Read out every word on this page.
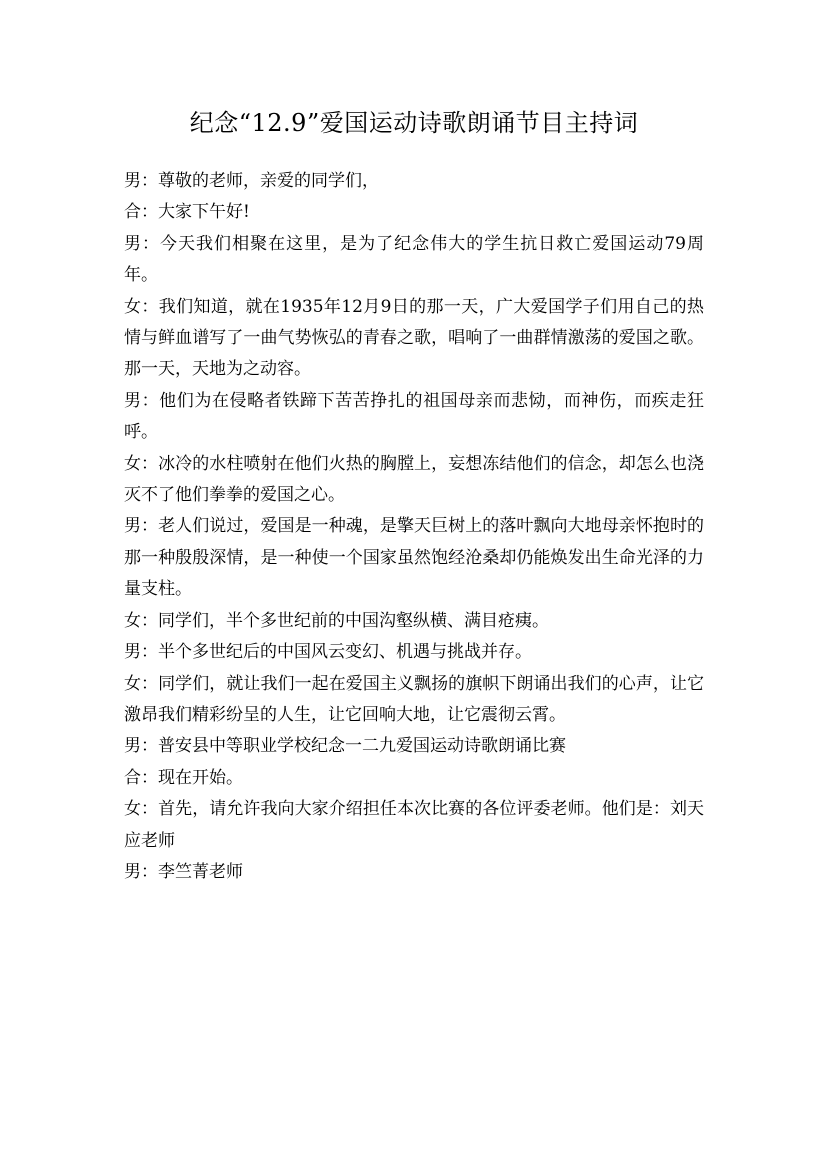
纪念“12.9”爱国运动诗歌朗诵节目主持词

男：尊敬的老师，亲爱的同学们，

合：大家下午好!

男：今天我们相聚在这里，是为了纪念伟大的学生抗日救亡爱国运动79周年。

女：我们知道，就在1935年12月9日的那一天，广大爱国学子们用自己的热情与鲜血谱写了一曲气势恢弘的青春之歌，唱响了一曲群情激荡的爱国之歌。那一天，天地为之动容。

男：他们为在侵略者铁蹄下苦苦挣扎的祖国母亲而悲恸，而神伤，而疾走狂呼。

女：冰冷的水柱喷射在他们火热的胸膛上，妄想冻结他们的信念，却怎么也浇灭不了他们拳拳的爱国之心。

男：老人们说过，爱国是一种魂，是擎天巨树上的落叶飘向大地母亲怀抱时的那一种殷殷深情，是一种使一个国家虽然饱经沧桑却仍能焕发出生命光泽的力量支柱。

女：同学们，半个多世纪前的中国沟壑纵横、满目疮痍。

男：半个多世纪后的中国风云变幻、机遇与挑战并存。

女：同学们，就让我们一起在爱国主义飘扬的旗帜下朗诵出我们的心声，让它激昂我们精彩纷呈的人生，让它回响大地，让它震彻云霄。

男：普安县中等职业学校纪念一二九爱国运动诗歌朗诵比赛

合：现在开始。

女：首先，请允许我向大家介绍担任本次比赛的各位评委老师。他们是：刘天应老师

男：李竺菁老师
